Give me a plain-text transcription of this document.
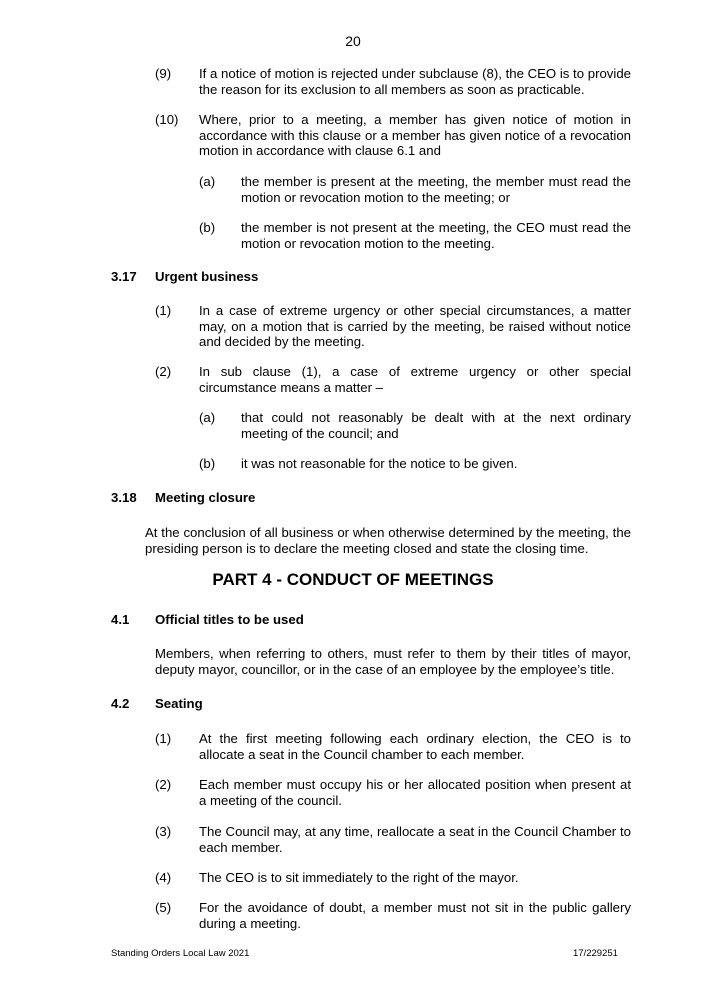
20
(9) If a notice of motion is rejected under subclause (8), the CEO is to provide the reason for its exclusion to all members as soon as practicable.
(10) Where, prior to a meeting, a member has given notice of motion in accordance with this clause or a member has given notice of a revocation motion in accordance with clause 6.1 and
(a) the member is present at the meeting, the member must read the motion or revocation motion to the meeting; or
(b) the member is not present at the meeting, the CEO must read the motion or revocation motion to the meeting.
3.17 Urgent business
(1) In a case of extreme urgency or other special circumstances, a matter may, on a motion that is carried by the meeting, be raised without notice and decided by the meeting.
(2) In sub clause (1), a case of extreme urgency or other special circumstance means a matter –
(a) that could not reasonably be dealt with at the next ordinary meeting of the council; and
(b) it was not reasonable for the notice to be given.
3.18 Meeting closure
At the conclusion of all business or when otherwise determined by the meeting, the presiding person is to declare the meeting closed and state the closing time.
PART 4 - CONDUCT OF MEETINGS
4.1 Official titles to be used
Members, when referring to others, must refer to them by their titles of mayor, deputy mayor, councillor, or in the case of an employee by the employee’s title.
4.2 Seating
(1) At the first meeting following each ordinary election, the CEO is to allocate a seat in the Council chamber to each member.
(2) Each member must occupy his or her allocated position when present at a meeting of the council.
(3) The Council may, at any time, reallocate a seat in the Council Chamber to each member.
(4) The CEO is to sit immediately to the right of the mayor.
(5) For the avoidance of doubt, a member must not sit in the public gallery during a meeting.
Standing Orders Local Law 2021	17/229251
